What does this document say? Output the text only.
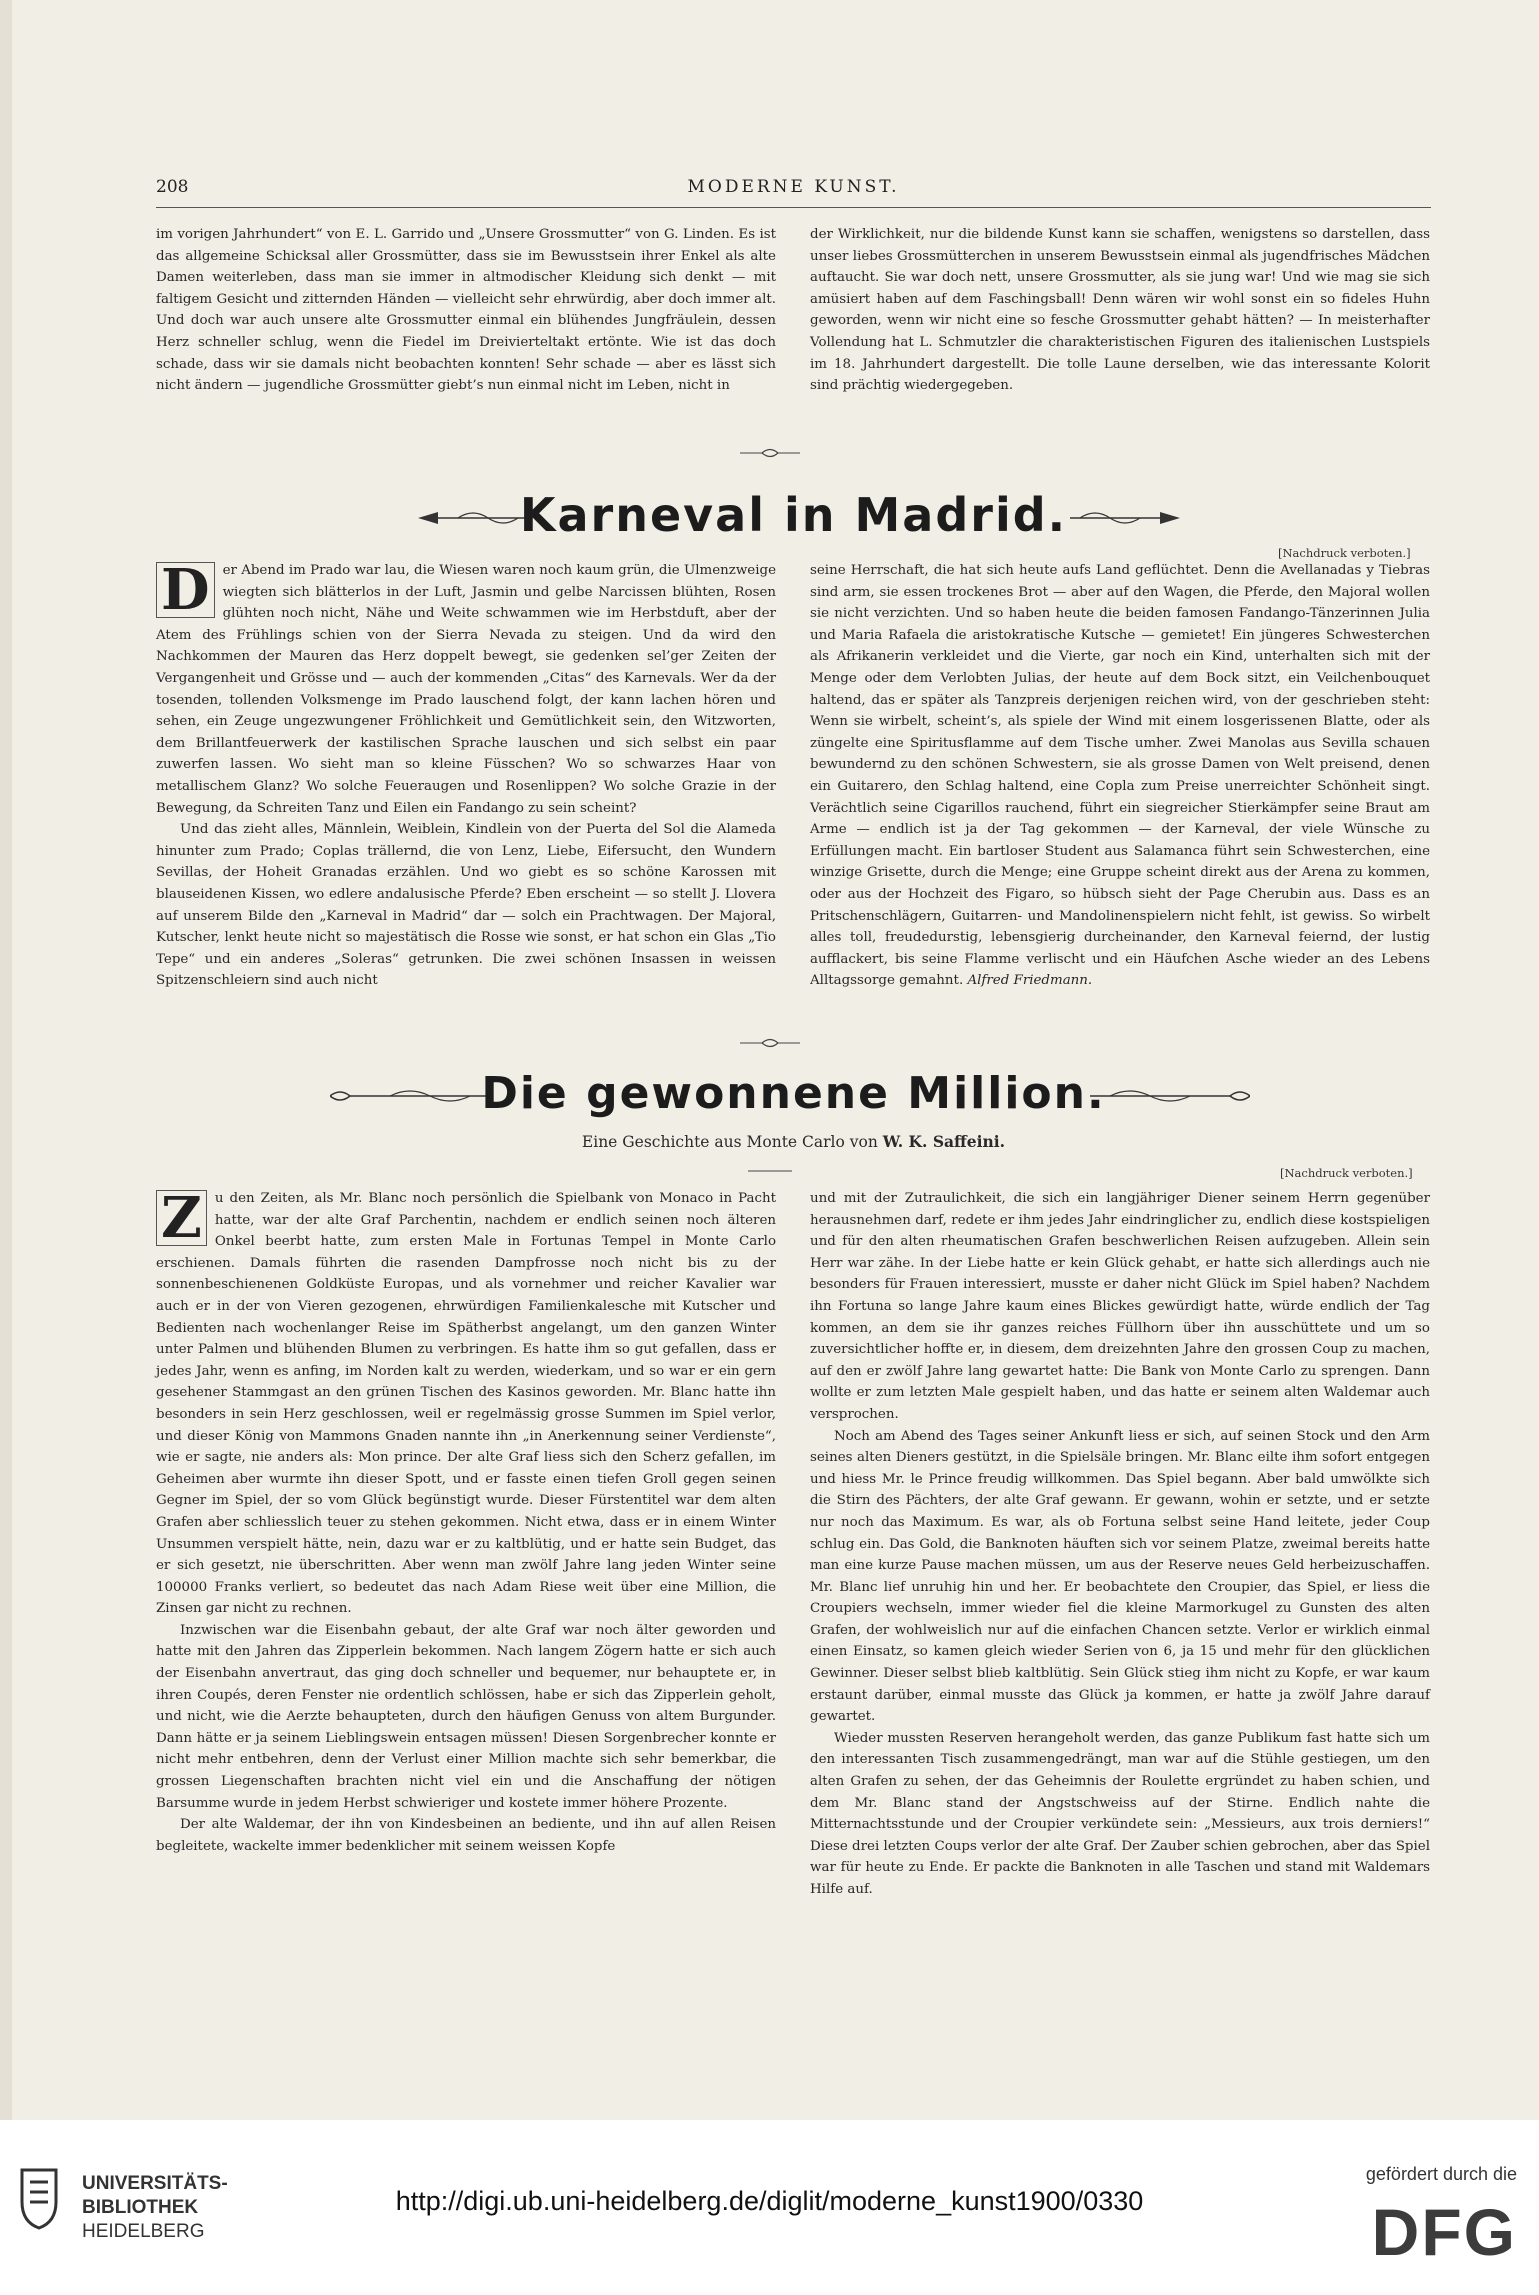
208	MODERNE KUNST.

im vorigen Jahrhundert“ von E. L. Garrido und „Unsere Grossmutter“ von G. Linden. Es ist das allgemeine Schicksal aller Grossmütter, dass sie im Bewusstsein ihrer Enkel als alte Damen weiterleben, dass man sie immer in altmodischer Kleidung sich denkt — mit faltigem Gesicht und zitternden Händen — vielleicht sehr ehrwürdig, aber doch immer alt. Und doch war auch unsere alte Grossmutter einmal ein blühendes Jungfräulein, dessen Herz schneller schlug, wenn die Fiedel im Dreivierteltakt ertönte. Wie ist das doch schade, dass wir sie damals nicht beobachten konnten! Sehr schade — aber es lässt sich nicht ändern — jugendliche Grossmütter giebt’s nun einmal nicht im Leben, nicht in

der Wirklichkeit, nur die bildende Kunst kann sie schaffen, wenigstens so darstellen, dass unser liebes Grossmütterchen in unserem Bewusstsein einmal als jugendfrisches Mädchen auftaucht. Sie war doch nett, unsere Grossmutter, als sie jung war! Und wie mag sie sich amüsiert haben auf dem Faschingsball! Denn wären wir wohl sonst ein so fideles Huhn geworden, wenn wir nicht eine so fesche Grossmutter gehabt hätten? — In meisterhafter Vollendung hat L. Schmutzler die charakteristischen Figuren des italienischen Lustspiels im 18. Jahrhundert dargestellt. Die tolle Laune derselben, wie das interessante Kolorit sind prächtig wiedergegeben.

Karneval in Madrid.
[Nachdruck verboten.]

D er Abend im Prado war lau, die Wiesen waren noch kaum grün, die Ulmenzweige wiegten sich blätterlos in der Luft, Jasmin und gelbe Narcissen blühten, Rosen glühten noch nicht, Nähe und Weite schwammen wie im Herbstduft, aber der Atem des Frühlings schien von der Sierra Nevada zu steigen. Und da wird den Nachkommen der Mauren das Herz doppelt bewegt, sie gedenken sel’ger Zeiten der Vergangenheit und Grösse und — auch der kommenden „Citas“ des Karnevals. Wer da der tosenden, tollenden Volksmenge im Prado lauschend folgt, der kann lachen hören und sehen, ein Zeuge ungezwungener Fröhlichkeit und Gemütlichkeit sein, den Witzworten, dem Brillantfeuerwerk der kastilischen Sprache lauschen und sich selbst ein paar zuwerfen lassen. Wo sieht man so kleine Füsschen? Wo so schwarzes Haar von metallischem Glanz? Wo solche Feueraugen und Rosenlippen? Wo solche Grazie in der Bewegung, da Schreiten Tanz und Eilen ein Fandango zu sein scheint?

Und das zieht alles, Männlein, Weiblein, Kindlein von der Puerta del Sol die Alameda hinunter zum Prado; Coplas trällernd, die von Lenz, Liebe, Eifersucht, den Wundern Sevillas, der Hoheit Granadas erzählen. Und wo giebt es so schöne Karossen mit blauseidenen Kissen, wo edlere andalusische Pferde? Eben erscheint — so stellt J. Llovera auf unserem Bilde den „Karneval in Madrid“ dar — solch ein Prachtwagen. Der Majoral, Kutscher, lenkt heute nicht so majestätisch die Rosse wie sonst, er hat schon ein Glas „Tio Tepe“ und ein anderes „Soleras“ getrunken. Die zwei schönen Insassen in weissen Spitzenschleiern sind auch nicht

seine Herrschaft, die hat sich heute aufs Land geflüchtet. Denn die Avellanadas y Tiebras sind arm, sie essen trockenes Brot — aber auf den Wagen, die Pferde, den Majoral wollen sie nicht verzichten. Und so haben heute die beiden famosen Fandango-Tänzerinnen Julia und Maria Rafaela die aristokratische Kutsche — gemietet! Ein jüngeres Schwesterchen als Afrikanerin verkleidet und die Vierte, gar noch ein Kind, unterhalten sich mit der Menge oder dem Verlobten Julias, der heute auf dem Bock sitzt, ein Veilchenbouquet haltend, das er später als Tanzpreis derjenigen reichen wird, von der geschrieben steht: Wenn sie wirbelt, scheint’s, als spiele der Wind mit einem losgerissenen Blatte, oder als züngelte eine Spiritusflamme auf dem Tische umher. Zwei Manolas aus Sevilla schauen bewundernd zu den schönen Schwestern, sie als grosse Damen von Welt preisend, denen ein Guitarero, den Schlag haltend, eine Copla zum Preise unerreichter Schönheit singt. Verächtlich seine Cigarillos rauchend, führt ein siegreicher Stierkämpfer seine Braut am Arme — endlich ist ja der Tag gekommen — der Karneval, der viele Wünsche zu Erfüllungen macht. Ein bartloser Student aus Salamanca führt sein Schwesterchen, eine winzige Grisette, durch die Menge; eine Gruppe scheint direkt aus der Arena zu kommen, oder aus der Hochzeit des Figaro, so hübsch sieht der Page Cherubin aus. Dass es an Pritschenschlägern, Guitarren- und Mandolinenspielern nicht fehlt, ist gewiss. So wirbelt alles toll, freudedurstig, lebensgierig durcheinander, den Karneval feiernd, der lustig aufflackert, bis seine Flamme verlischt und ein Häufchen Asche wieder an des Lebens Alltagssorge gemahnt. Alfred Friedmann.

Die gewonnene Million.
Eine Geschichte aus Monte Carlo von W. K. Saffeini.
[Nachdruck verboten.]

Z u den Zeiten, als Mr. Blanc noch persönlich die Spielbank von Monaco in Pacht hatte, war der alte Graf Parchentin, nachdem er endlich seinen noch älteren Onkel beerbt hatte, zum ersten Male in Fortunas Tempel in Monte Carlo erschienen. Damals führten die rasenden Dampfrosse noch nicht bis zu der sonnenbeschienenen Goldküste Europas, und als vornehmer und reicher Kavalier war auch er in der von Vieren gezogenen, ehrwürdigen Familienkalesche mit Kutscher und Bedienten nach wochenlanger Reise im Spätherbst angelangt, um den ganzen Winter unter Palmen und blühenden Blumen zu verbringen. Es hatte ihm so gut gefallen, dass er jedes Jahr, wenn es anfing, im Norden kalt zu werden, wiederkam, und so war er ein gern gesehener Stammgast an den grünen Tischen des Kasinos geworden. Mr. Blanc hatte ihn besonders in sein Herz geschlossen, weil er regelmässig grosse Summen im Spiel verlor, und dieser König von Mammons Gnaden nannte ihn „in Anerkennung seiner Verdienste“, wie er sagte, nie anders als: Mon prince. Der alte Graf liess sich den Scherz gefallen, im Geheimen aber wurmte ihn dieser Spott, und er fasste einen tiefen Groll gegen seinen Gegner im Spiel, der so vom Glück begünstigt wurde. Dieser Fürstentitel war dem alten Grafen aber schliesslich teuer zu stehen gekommen. Nicht etwa, dass er in einem Winter Unsummen verspielt hätte, nein, dazu war er zu kaltblütig, und er hatte sein Budget, das er sich gesetzt, nie überschritten. Aber wenn man zwölf Jahre lang jeden Winter seine 100000 Franks verliert, so bedeutet das nach Adam Riese weit über eine Million, die Zinsen gar nicht zu rechnen.

Inzwischen war die Eisenbahn gebaut, der alte Graf war noch älter geworden und hatte mit den Jahren das Zipperlein bekommen. Nach langem Zögern hatte er sich auch der Eisenbahn anvertraut, das ging doch schneller und bequemer, nur behauptete er, in ihren Coupés, deren Fenster nie ordentlich schlössen, habe er sich das Zipperlein geholt, und nicht, wie die Aerzte behaupteten, durch den häufigen Genuss von altem Burgunder. Dann hätte er ja seinem Lieblingswein entsagen müssen! Diesen Sorgenbrecher konnte er nicht mehr entbehren, denn der Verlust einer Million machte sich sehr bemerkbar, die grossen Liegenschaften brachten nicht viel ein und die Anschaffung der nötigen Barsumme wurde in jedem Herbst schwieriger und kostete immer höhere Prozente.

Der alte Waldemar, der ihn von Kindesbeinen an bediente, und ihn auf allen Reisen begleitete, wackelte immer bedenklicher mit seinem weissen Kopfe

und mit der Zutraulichkeit, die sich ein langjähriger Diener seinem Herrn gegenüber herausnehmen darf, redete er ihm jedes Jahr eindringlicher zu, endlich diese kostspieligen und für den alten rheumatischen Grafen beschwerlichen Reisen aufzugeben. Allein sein Herr war zähe. In der Liebe hatte er kein Glück gehabt, er hatte sich allerdings auch nie besonders für Frauen interessiert, musste er daher nicht Glück im Spiel haben? Nachdem ihn Fortuna so lange Jahre kaum eines Blickes gewürdigt hatte, würde endlich der Tag kommen, an dem sie ihr ganzes reiches Füllhorn über ihn ausschüttete und um so zuversichtlicher hoffte er, in diesem, dem dreizehnten Jahre den grossen Coup zu machen, auf den er zwölf Jahre lang gewartet hatte: Die Bank von Monte Carlo zu sprengen. Dann wollte er zum letzten Male gespielt haben, und das hatte er seinem alten Waldemar auch versprochen.

Noch am Abend des Tages seiner Ankunft liess er sich, auf seinen Stock und den Arm seines alten Dieners gestützt, in die Spielsäle bringen. Mr. Blanc eilte ihm sofort entgegen und hiess Mr. le Prince freudig willkommen. Das Spiel begann. Aber bald umwölkte sich die Stirn des Pächters, der alte Graf gewann. Er gewann, wohin er setzte, und er setzte nur noch das Maximum. Es war, als ob Fortuna selbst seine Hand leitete, jeder Coup schlug ein. Das Gold, die Banknoten häuften sich vor seinem Platze, zweimal bereits hatte man eine kurze Pause machen müssen, um aus der Reserve neues Geld herbeizuschaffen. Mr. Blanc lief unruhig hin und her. Er beobachtete den Croupier, das Spiel, er liess die Croupiers wechseln, immer wieder fiel die kleine Marmorkugel zu Gunsten des alten Grafen, der wohlweislich nur auf die einfachen Chancen setzte. Verlor er wirklich einmal einen Einsatz, so kamen gleich wieder Serien von 6, ja 15 und mehr für den glücklichen Gewinner. Dieser selbst blieb kaltblütig. Sein Glück stieg ihm nicht zu Kopfe, er war kaum erstaunt darüber, einmal musste das Glück ja kommen, er hatte ja zwölf Jahre darauf gewartet.

Wieder mussten Reserven herangeholt werden, das ganze Publikum fast hatte sich um den interessanten Tisch zusammengedrängt, man war auf die Stühle gestiegen, um den alten Grafen zu sehen, der das Geheimnis der Roulette ergründet zu haben schien, und dem Mr. Blanc stand der Angstschweiss auf der Stirne. Endlich nahte die Mitternachtsstunde und der Croupier verkündete sein: „Messieurs, aux trois derniers!“ Diese drei letzten Coups verlor der alte Graf. Der Zauber schien gebrochen, aber das Spiel war für heute zu Ende. Er packte die Banknoten in alle Taschen und stand mit Waldemars Hilfe auf.

UNIVERSITÄTS-
BIBLIOTHEK
HEIDELBERG
http://digi.ub.uni-heidelberg.de/diglit/moderne_kunst1900/0330
gefördert durch die
DFG
